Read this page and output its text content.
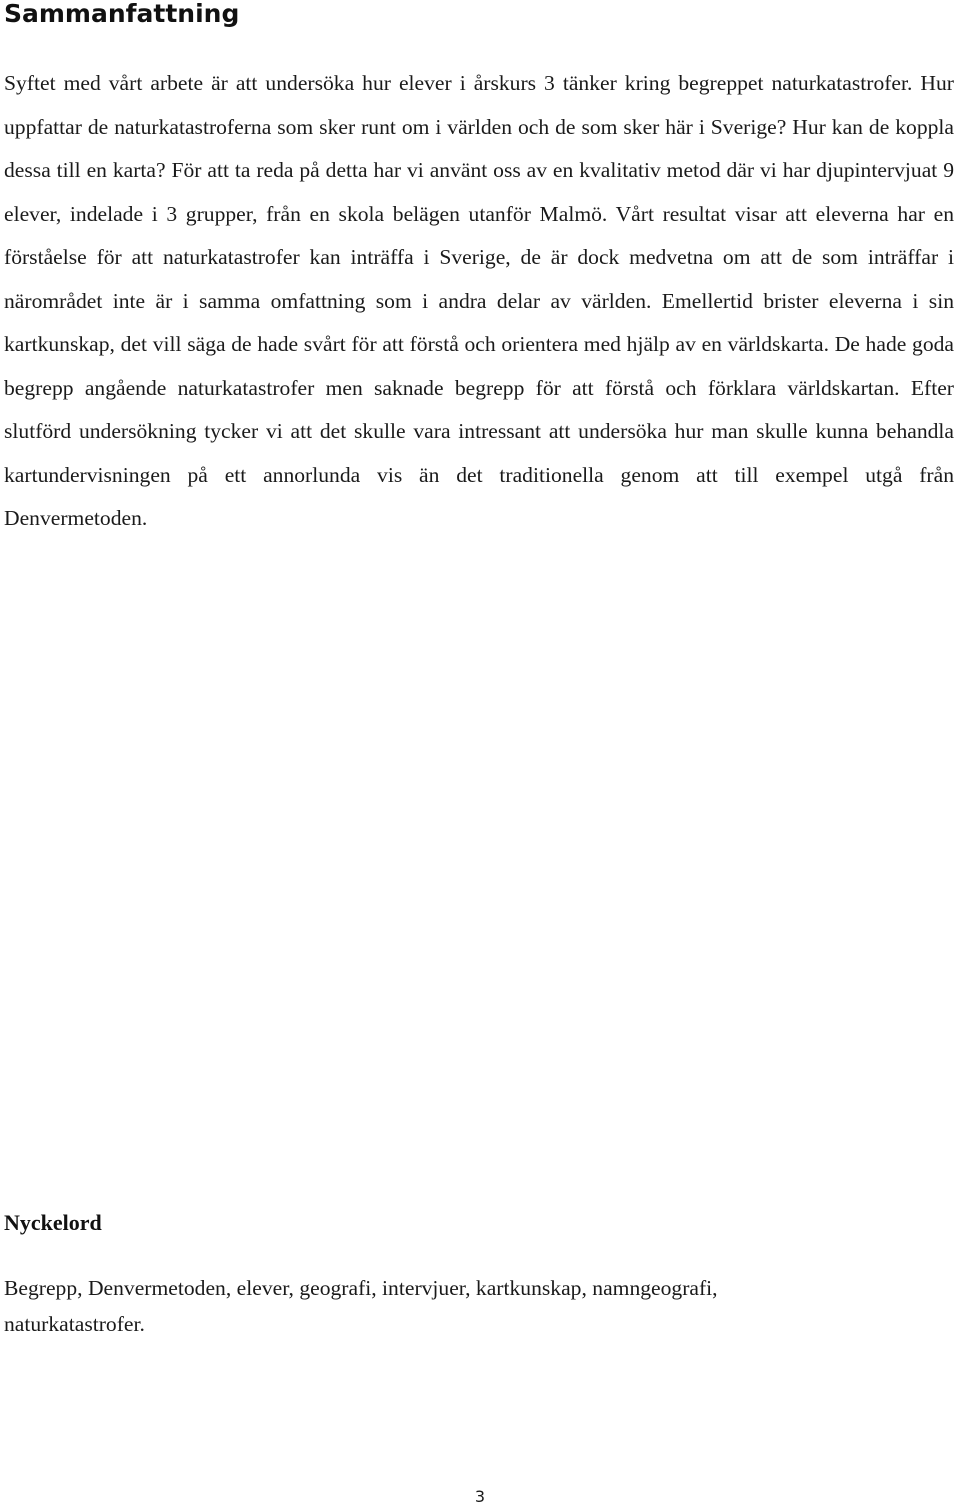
Sammanfattning

Syftet med vårt arbete är att undersöka hur elever i årskurs 3 tänker kring begreppet naturkatastrofer. Hur uppfattar de naturkatastroferna som sker runt om i världen och de som sker här i Sverige? Hur kan de koppla dessa till en karta? För att ta reda på detta har vi använt oss av en kvalitativ metod där vi har djupintervjuat 9 elever, indelade i 3 grupper, från en skola belägen utanför Malmö. Vårt resultat visar att eleverna har en förståelse för att naturkatastrofer kan inträffa i Sverige, de är dock medvetna om att de som inträffar i närområdet inte är i samma omfattning som i andra delar av världen. Emellertid brister eleverna i sin kartkunskap, det vill säga de hade svårt för att förstå och orientera med hjälp av en världskarta. De hade goda begrepp angående naturkatastrofer men saknade begrepp för att förstå och förklara världskartan. Efter slutförd undersökning tycker vi att det skulle vara intressant att undersöka hur man skulle kunna behandla kartundervisningen på ett annorlunda vis än det traditionella genom att till exempel utgå från Denvermetoden.

Nyckelord
Begrepp, Denvermetoden, elever, geografi, intervjuer, kartkunskap, namngeografi,
naturkatastrofer.
3
